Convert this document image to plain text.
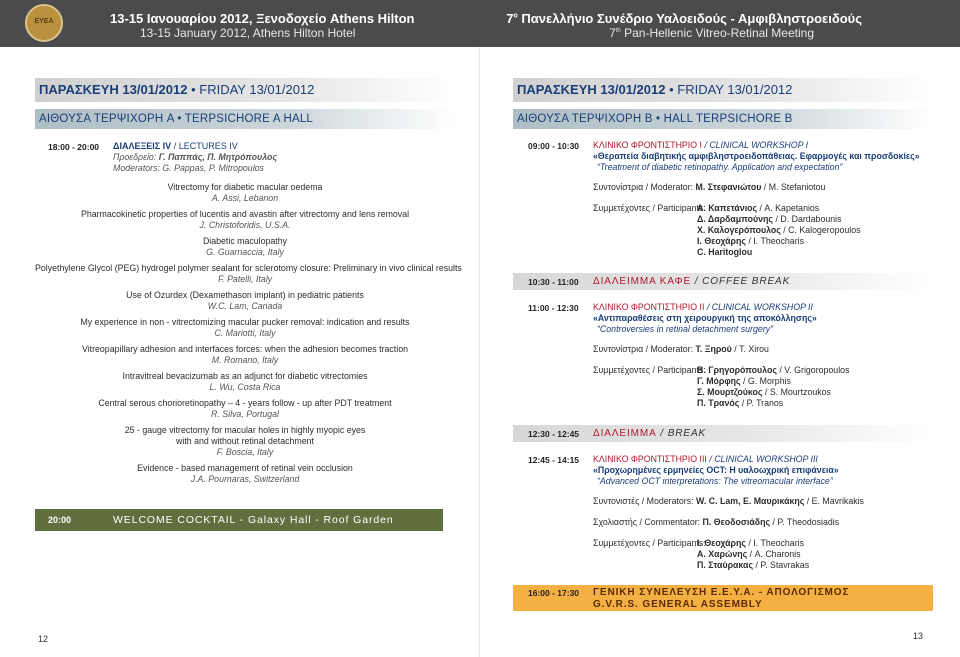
ΕΥΕΑ	13-15 Ιανουαρίου 2012, Ξενοδοχείο Athens Hilton
13-15 January 2012, Athens Hilton Hotel
$7^o$ Πανελλήνιο Συνέδριο Υαλοειδούς - Αμφιβληστροειδούς
7th Pan-Hellenic Vitreo-Retinal Meeting
ΠΑΡΑΣΚΕΥΗ 13/01/2012 • FRIDAY 13/01/2012
ΑΙΘΟΥΣΑ ΤΕΡΨΙΧΟΡΗ A • TERPSICHORE A HALL
18:00 - 20:00 ΔΙΑΛΕΞΕΙΣ IV / LECTURES IV
Προεδρείο: Γ. Παππάς, Π. Μητρόπουλος
Moderators: G. Pappas, P. Mitropoulos
Vitrectomy for diabetic macular oedema
A. Assi, Lebanon
Pharmacokinetic properties of lucentis and avastin after vitrectomy and lens removal
J. Christoforidis, U.S.A.
Diabetic maculopathy
G. Guarnaccia, Italy
Polyethylene Glycol (PEG) hydrogel polymer sealant for sclerotomy closure: Preliminary in vivo clinical results
F. Patelli, Italy
Use of Ozurdex (Dexamethason implant) in pediatric patients
W.C. Lam, Canada
My experience in non - vitrectomizing macular pucker removal: indication and results
C. Mariotti, Italy
Vitreopapillary adhesion and interfaces forces: when the adhesion becomes traction
M. Romano, Italy
Intravitreal bevacizumab as an adjunct for diabetic vitrectomies
L. Wu, Costa Rica
Central serous chorioretinopathy – 4 - years follow - up after PDT treatment
R. Silva, Portugal
25 - gauge vitrectomy for macular holes in highly myopic eyes
with and without retinal detachment
F. Boscia, Italy
Evidence - based management of retinal vein occlusion
J.A. Pournaras, Switzerland
20:00	WELCOME COCKTAIL - Galaxy Hall - Roof Garden
12
ΠΑΡΑΣΚΕΥΗ 13/01/2012 • FRIDAY 13/01/2012
ΑΙΘΟΥΣΑ ΤΕΡΨΙΧΟΡΗ B • HALL TERPSICHORE B
09:00 - 10:30 ΚΛΙΝΙΚΟ ΦΡΟΝΤΙΣΤΗΡΙΟ I / CLINICAL WORKSHOP I
«Θεραπεία διαβητικής αμφιβληστροειδοπάθειας. Εφαρμογές και προσδοκίες»
“Treatment of diabetic retinopathy. Application and expectation”
Συντονίστρια / Moderator: Μ. Στεφανιώτου / M. Stefaniotou
Συμμετέχοντες / Participants:
Α. Καπετάνιος / A. Kapetanios
Δ. Δαρδαμπούνης / D. Dardabounis
Χ. Καλογερόπουλος / C. Kalogeropoulos
Ι. Θεοχάρης / I. Theocharis
C. Haritoglou
10:30 - 11:00 ΔΙΑΛΕΙΜΜΑ ΚΑΦΕ / COFFEE BREAK
11:00 - 12:30 ΚΛΙΝΙΚΟ ΦΡΟΝΤΙΣΤΗΡΙΟ II / CLINICAL WORKSHOP II
«Αντιπαραθέσεις στη χειρουργική της αποκόλλησης»
“Controversies in retinal detachment surgery”
Συντονίστρια / Moderator: Τ. Ξηρού / T. Xirou
Συμμετέχοντες / Participants:
Β. Γρηγορόπουλος / V. Grigoropoulos
Γ. Μόρφης / G. Morphis
Σ. Μουρτζούκος / S. Mourtzoukos
Π. Τρανός / P. Tranos
12:30 - 12:45 ΔΙΑΛΕΙΜΜΑ / BREAK
12:45 - 14:15 ΚΛΙΝΙΚΟ ΦΡΟΝΤΙΣΤΗΡΙΟ III / CLINICAL WORKSHOP III
«Προχωρημένες ερμηνείες OCT: Η υαλοωχρική επιφάνεια»
“Advanced OCT interpretations: The vitreomacular interface”
Συντονιστές / Moderators: W. C. Lam, Ε. Μαυρικάκης / E. Mavrikakis
Σχολιαστής / Commentator: Π. Θεοδοσιάδης / P. Theodosiadis
Συμμετέχοντες / Participants:
Ι. Θεοχάρης / I. Theocharis
Α. Χαρώνης / A. Charonis
Π. Σταύρακας / P. Stavrakas
16:00 - 17:30 ΓΕΝΙΚΗ ΣΥΝΕΛΕΥΣΗ Ε.Ε.Υ.Α. - ΑΠΟΛΟΓΙΣΜΟΣ
G.V.R.S. GENERAL ASSEMBLY
13
